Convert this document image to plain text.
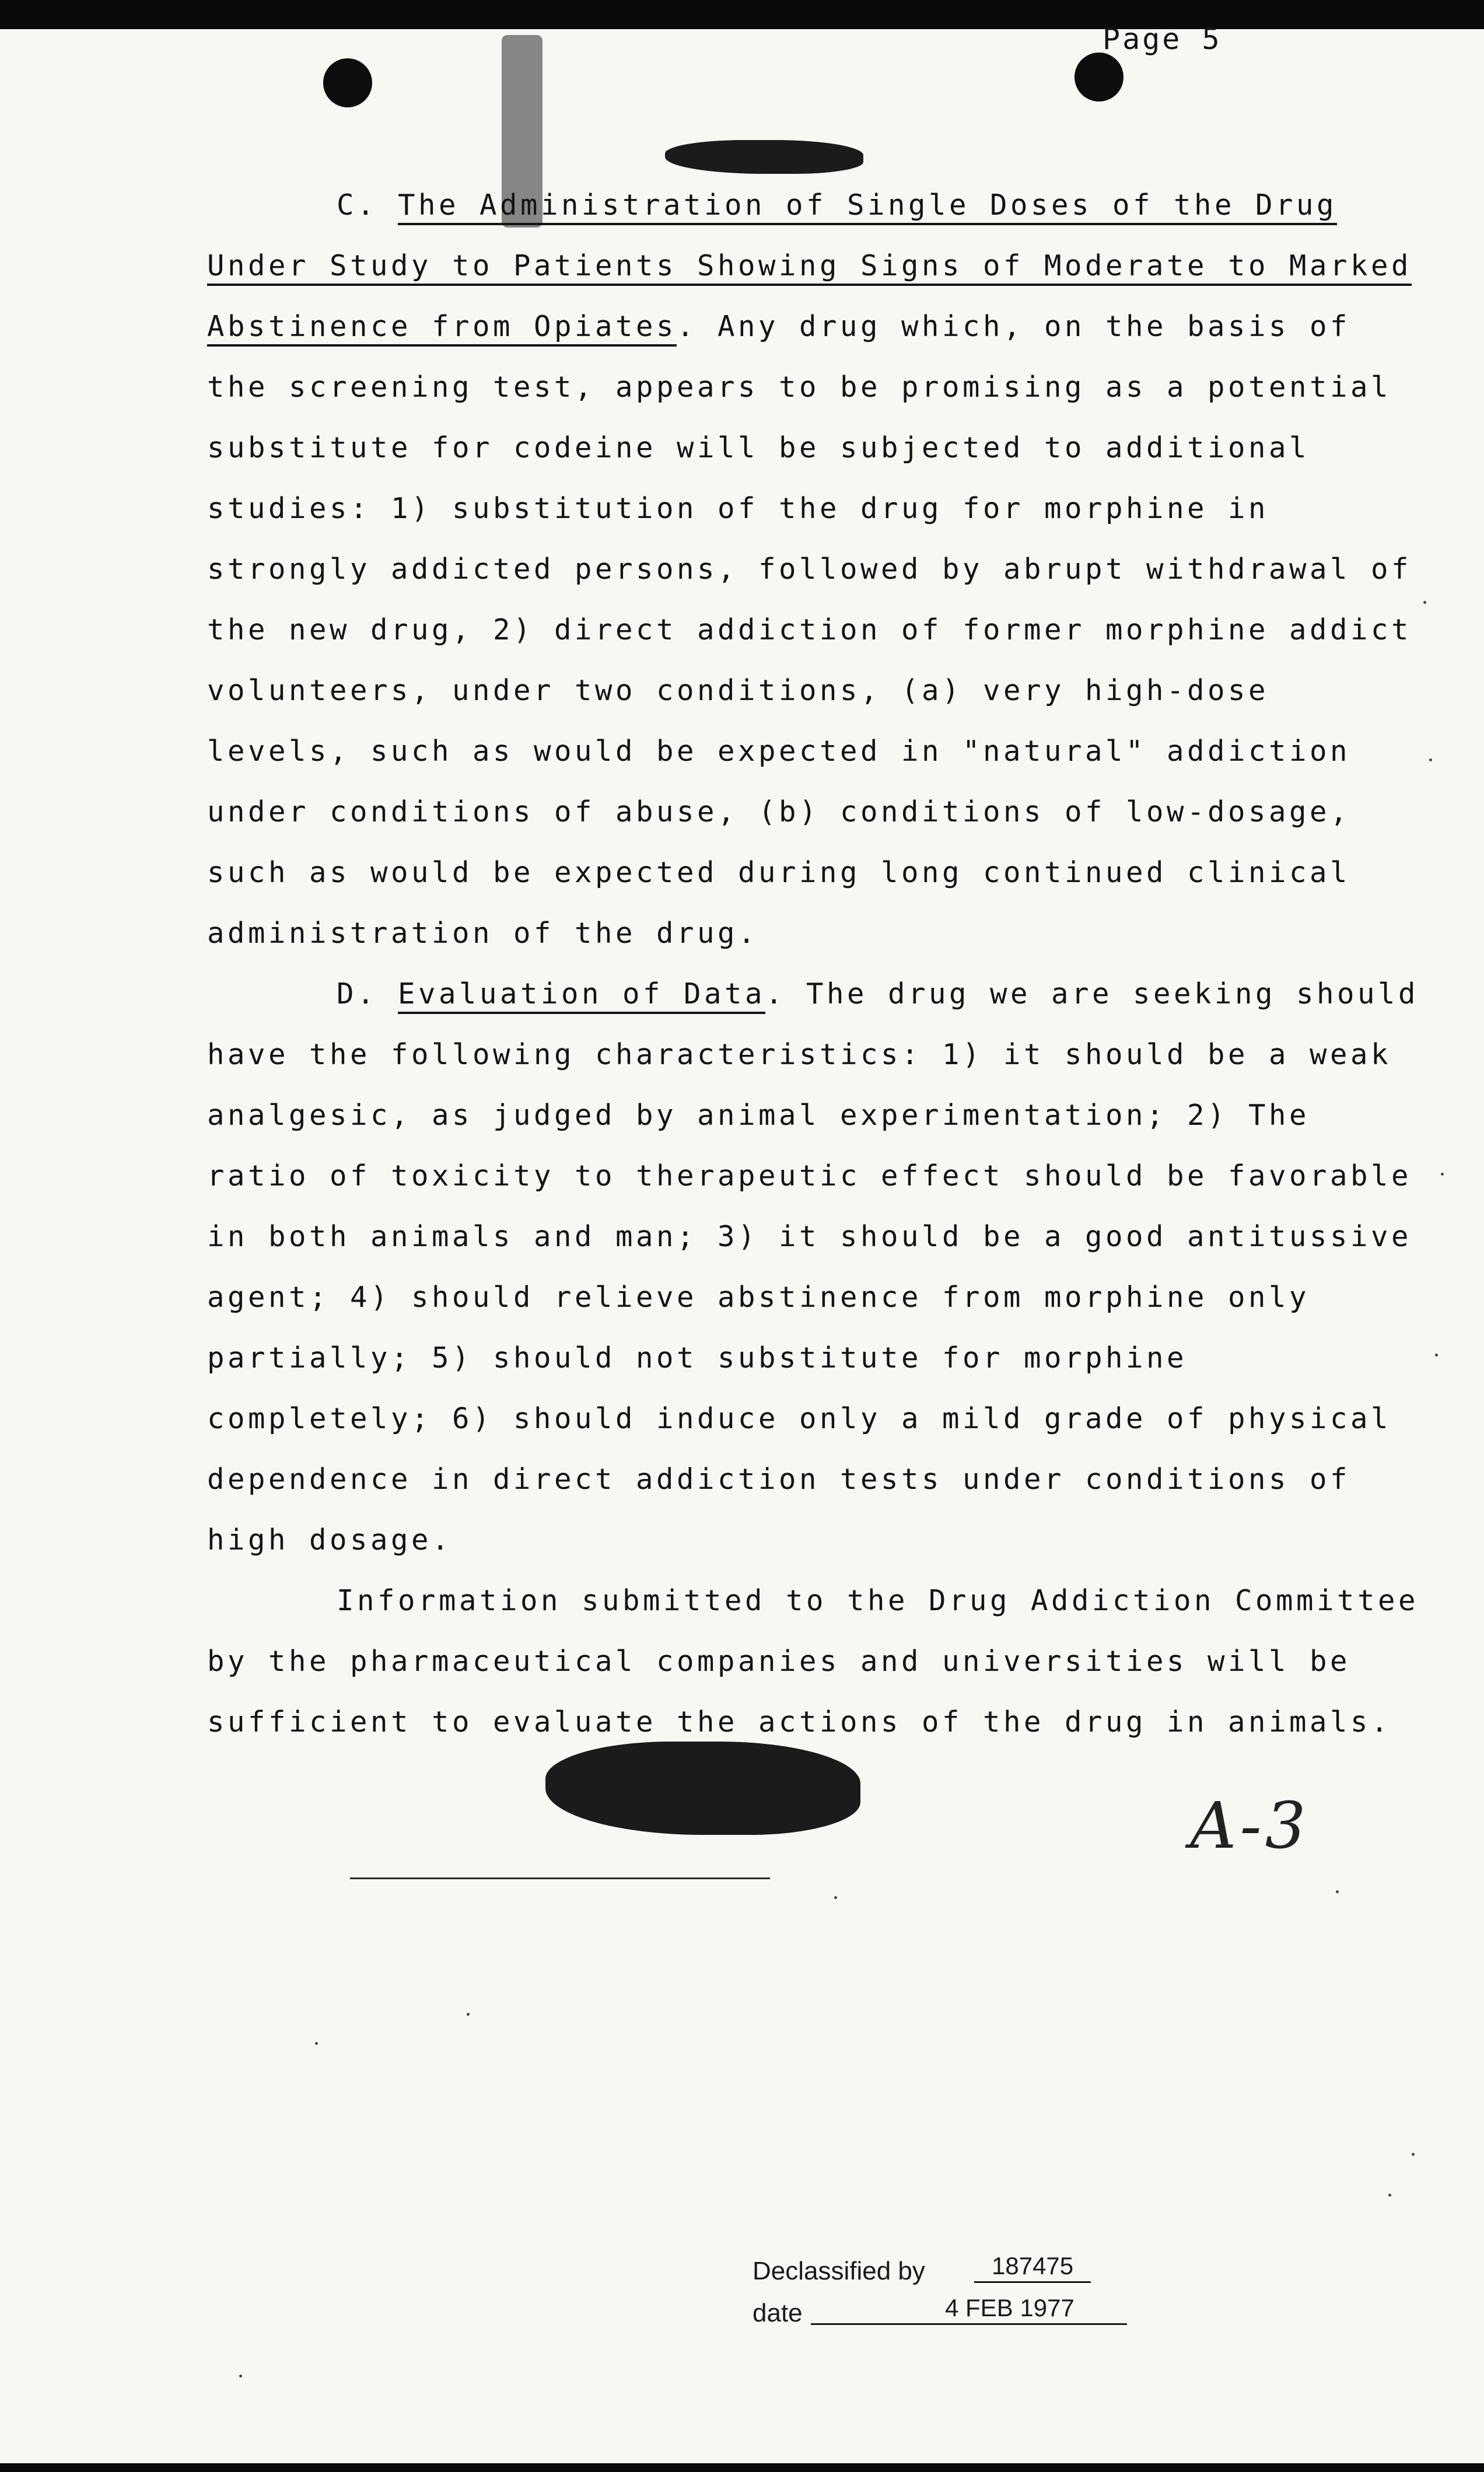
Page 5

C. The Administration of Single Doses of the Drug Under Study to Patients Showing Signs of Moderate to Marked Abstinence from Opiates. Any drug which, on the basis of the screening test, appears to be promising as a potential substitute for codeine will be subjected to additional studies: 1) substitution of the drug for morphine in strongly addicted persons, followed by abrupt withdrawal of the new drug, 2) direct addiction of former morphine addict volunteers, under two conditions, (a) very high-dose levels, such as would be expected in "natural" addiction under conditions of abuse, (b) conditions of low-dosage, such as would be expected during long continued clinical administration of the drug.

D. Evaluation of Data. The drug we are seeking should have the following characteristics: 1) it should be a weak analgesic, as judged by animal experimentation; 2) The ratio of toxicity to therapeutic effect should be favorable in both animals and man; 3) it should be a good antitussive agent; 4) should relieve abstinence from morphine only partially; 5) should not substitute for morphine completely; 6) should induce only a mild grade of physical dependence in direct addiction tests under conditions of high dosage.

Information submitted to the Drug Addiction Committee by the pharmaceutical companies and universities will be sufficient to evaluate the actions of the drug in animals.

A-3
Declassified by	187475
date	4 FEB 1977
